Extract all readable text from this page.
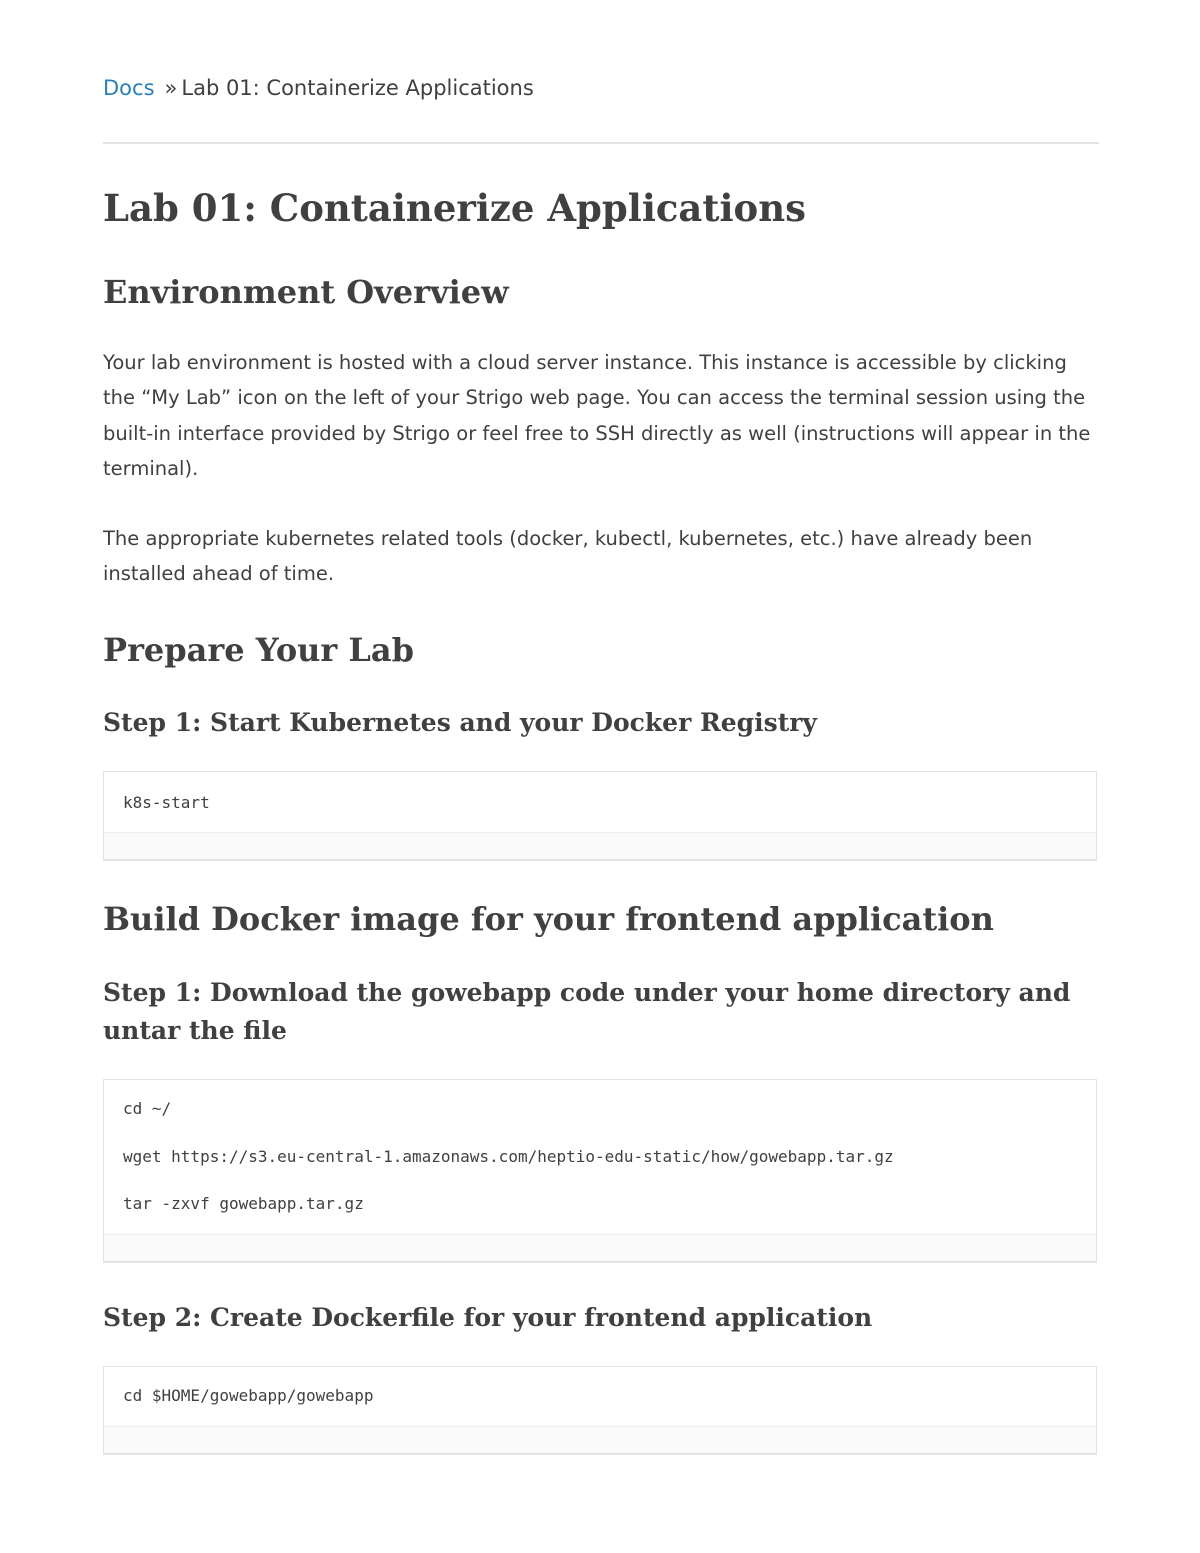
Docs » Lab 01: Containerize Applications
Lab 01: Containerize Applications
Environment Overview

Your lab environment is hosted with a cloud server instance. This instance is accessible by clicking the “My Lab” icon on the left of your Strigo web page. You can access the terminal session using the built-in interface provided by Strigo or feel free to SSH directly as well (instructions will appear in the terminal).

The appropriate kubernetes related tools (docker, kubectl, kubernetes, etc.) have already been installed ahead of time.

Prepare Your Lab
Step 1: Start Kubernetes and your Docker Registry
k8s-start
Build Docker image for your frontend application
Step 1: Download the gowebapp code under your home directory and untar the file
cd ~/
wget https://s3.eu-central-1.amazonaws.com/heptio-edu-static/how/gowebapp.tar.gz
tar -zxvf gowebapp.tar.gz
Step 2: Create Dockerfile for your frontend application
cd $HOME/gowebapp/gowebapp
